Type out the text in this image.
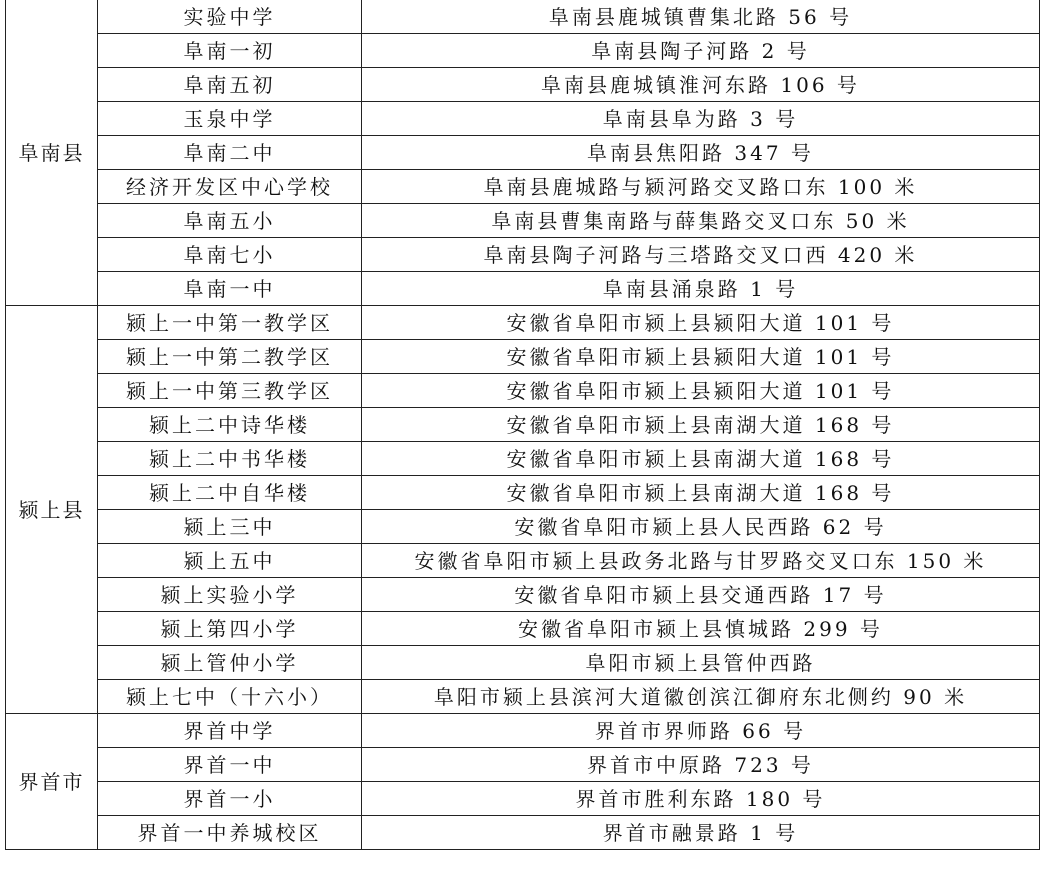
阜南县	实验中学	阜南县鹿城镇曹集北路 56 号
	阜南一初	阜南县陶子河路 2 号
	阜南五初	阜南县鹿城镇淮河东路 106 号
	玉泉中学	阜南县阜为路 3 号
	阜南二中	阜南县焦阳路 347 号
	经济开发区中心学校	阜南县鹿城路与颍河路交叉路口东 100 米
	阜南五小	阜南县曹集南路与薛集路交叉口东 50 米
	阜南七小	阜南县陶子河路与三塔路交叉口西 420 米
	阜南一中	阜南县涌泉路 1 号
颍上县	颍上一中第一教学区	安徽省阜阳市颍上县颍阳大道 101 号
	颍上一中第二教学区	安徽省阜阳市颍上县颍阳大道 101 号
	颍上一中第三教学区	安徽省阜阳市颍上县颍阳大道 101 号
	颍上二中诗华楼	安徽省阜阳市颍上县南湖大道 168 号
	颍上二中书华楼	安徽省阜阳市颍上县南湖大道 168 号
	颍上二中自华楼	安徽省阜阳市颍上县南湖大道 168 号
	颍上三中	安徽省阜阳市颍上县人民西路 62 号
	颍上五中	安徽省阜阳市颍上县政务北路与甘罗路交叉口东 150 米
	颍上实验小学	安徽省阜阳市颍上县交通西路 17 号
	颍上第四小学	安徽省阜阳市颍上县慎城路 299 号
	颍上管仲小学	阜阳市颍上县管仲西路
	颍上七中（十六小）	阜阳市颍上县滨河大道徽创滨江御府东北侧约 90 米
界首市	界首中学	界首市界师路 66 号
	界首一中	界首市中原路 723 号
	界首一小	界首市胜利东路 180 号
	界首一中养城校区	界首市融景路 1 号
